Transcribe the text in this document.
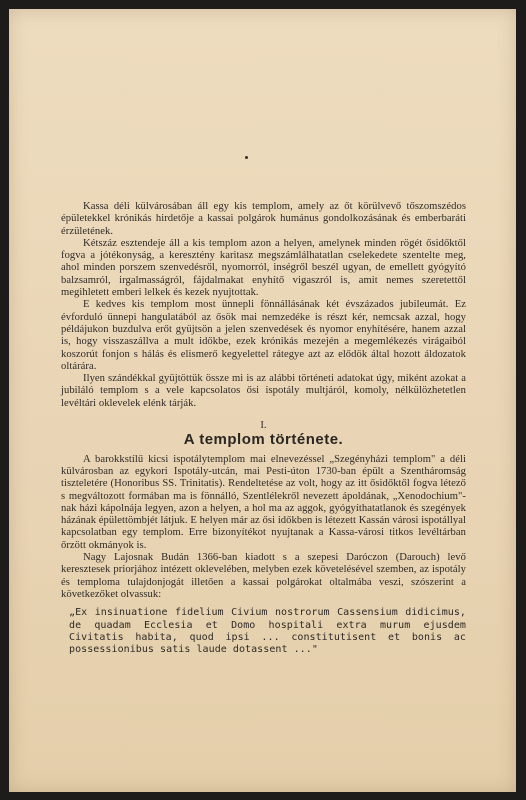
Kassa déli külvárosában áll egy kis templom, amely az őt körülvevő tőszomszédos épületekkel krónikás hirdetője a kassai polgárok humánus gondolkozásának és emberbaráti érzületének.

Kétszáz esztendeje áll a kis templom azon a helyen, amelynek minden rögét ősidőktől fogva a jótékonyság, a keresztény karitasz megszámlálhatatlan cselekedete szentelte meg, ahol minden porszem szenvedésről, nyomorról, inségről beszél ugyan, de emellett gyógyító balzsamról, irgalmasságról, fájdalmakat enyhítő vigaszról is, amit nemes szeretettől megihletett emberi lelkek és kezek nyujtottak.

E kedves kis templom most ünnepli fönnállásának két évszázados jubileumát. Ez évforduló ünnepi hangulatából az ősök mai nemzedéke is részt kér, nemcsak azzal, hogy példájukon buzdulva erőt gyüjtsön a jelen szenvedések és nyomor enyhítésére, hanem azzal is, hogy visszaszállva a mult időkbe, ezek krónikás mezején a megemlékezés virágaiból koszorút fonjon s hálás és elismerő kegyelettel rátegye azt az elődök által hozott áldozatok oltárára.

Ilyen szándékkal gyüjtöttük össze mi is az alábbi történeti adatokat úgy, miként azokat a jubiláló templom s a vele kapcsolatos ősi ispotály multjáról, komoly, nélkülözhetetlen levéltári oklevelek elénk tárják.

I.

A templom története.

A barokkstílű kicsi ispotálytemplom mai elnevezéssel „Szegényházi templom" a déli külvárosban az egykori Ispotály-utcán, mai Pesti-úton 1730-ban épült a Szentháromság tiszteletére (Honoribus SS. Trinitatis). Rendeltetése az volt, hogy az itt ősidőktől fogva létező s megváltozott formában ma is fönnálló, Szentlélekről nevezett ápoldának, „Xenodochium"-nak házi kápolnája legyen, azon a helyen, a hol ma az aggok, gyógyíthatatlanok és szegények házának épülettömbjét látjuk. E helyen már az ősi időkben is létezett Kassán városi ispotállyal kapcsolatban egy templom. Erre bizonyítékot nyujtanak a Kassa-városi titkos levéltárban őrzött okmányok is.

Nagy Lajosnak Budán 1366-ban kiadott s a szepesi Daróczon (Darouch) levő keresztesek priorjához intézett oklevelében, melyben ezek követelésével szemben, az ispotály és temploma tulajdonjogát illetően a kassai polgárokat oltalmába veszi, szószerint a következőket olvassuk:

„Ex insinuatione fidelium Civium nostrorum Cassensium didicimus, de quadam Ecclesia et Domo hospitali extra murum ejusdem Civitatis habita, quod ipsi ... constitutisent et bonis ac possessionibus satis laude dotassent ..."
